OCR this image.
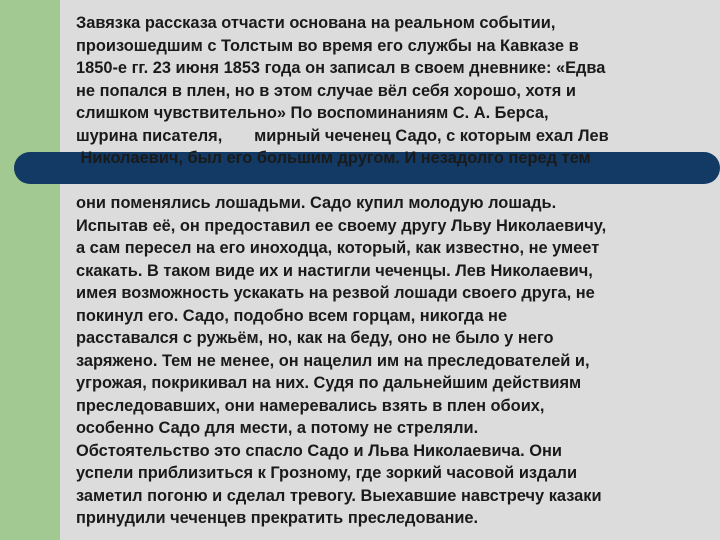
Завязка рассказа отчасти основана на реальном событии,
произошедшим с Толстым во время его службы на Кавказе в
1850-е гг. 23 июня 1853 года он записал в своем дневнике: «Едва
не попался в плен, но в этом случае вёл себя хорошо, хотя и
слишком чувствительно» По воспоминаниям С. А. Берса,
шурина писателя,       мирный чеченец Садо, с которым ехал Лев
Николаевич, был его большим другом. И незадолго перед тем
они поменялись лошадьми. Садо купил молодую лошадь.
Испытав её, он предоставил ее своему другу Льву Николаевичу,
а сам пересел на его иноходца, который, как известно, не умеет
скакать. В таком виде их и настигли чеченцы. Лев Николаевич,
имея возможность ускакать на резвой лошади своего друга, не
покинул его. Садо, подобно всем горцам, никогда не
расставался с ружьём, но, как на беду, оно не было у него
заряжено. Тем не менее, он нацелил им на преследователей и,
угрожая, покрикивал на них. Судя по дальнейшим действиям
преследовавших, они намеревались взять в плен обоих,
особенно Садо для мести, а потому не стреляли.
Обстоятельство это спасло Садо и Льва Николаевича. Они
успели приблизиться к Грозному, где зоркий часовой издали
заметил погоню и сделал тревогу. Выехавшие навстречу казаки
принудили чеченцев прекратить преследование.
